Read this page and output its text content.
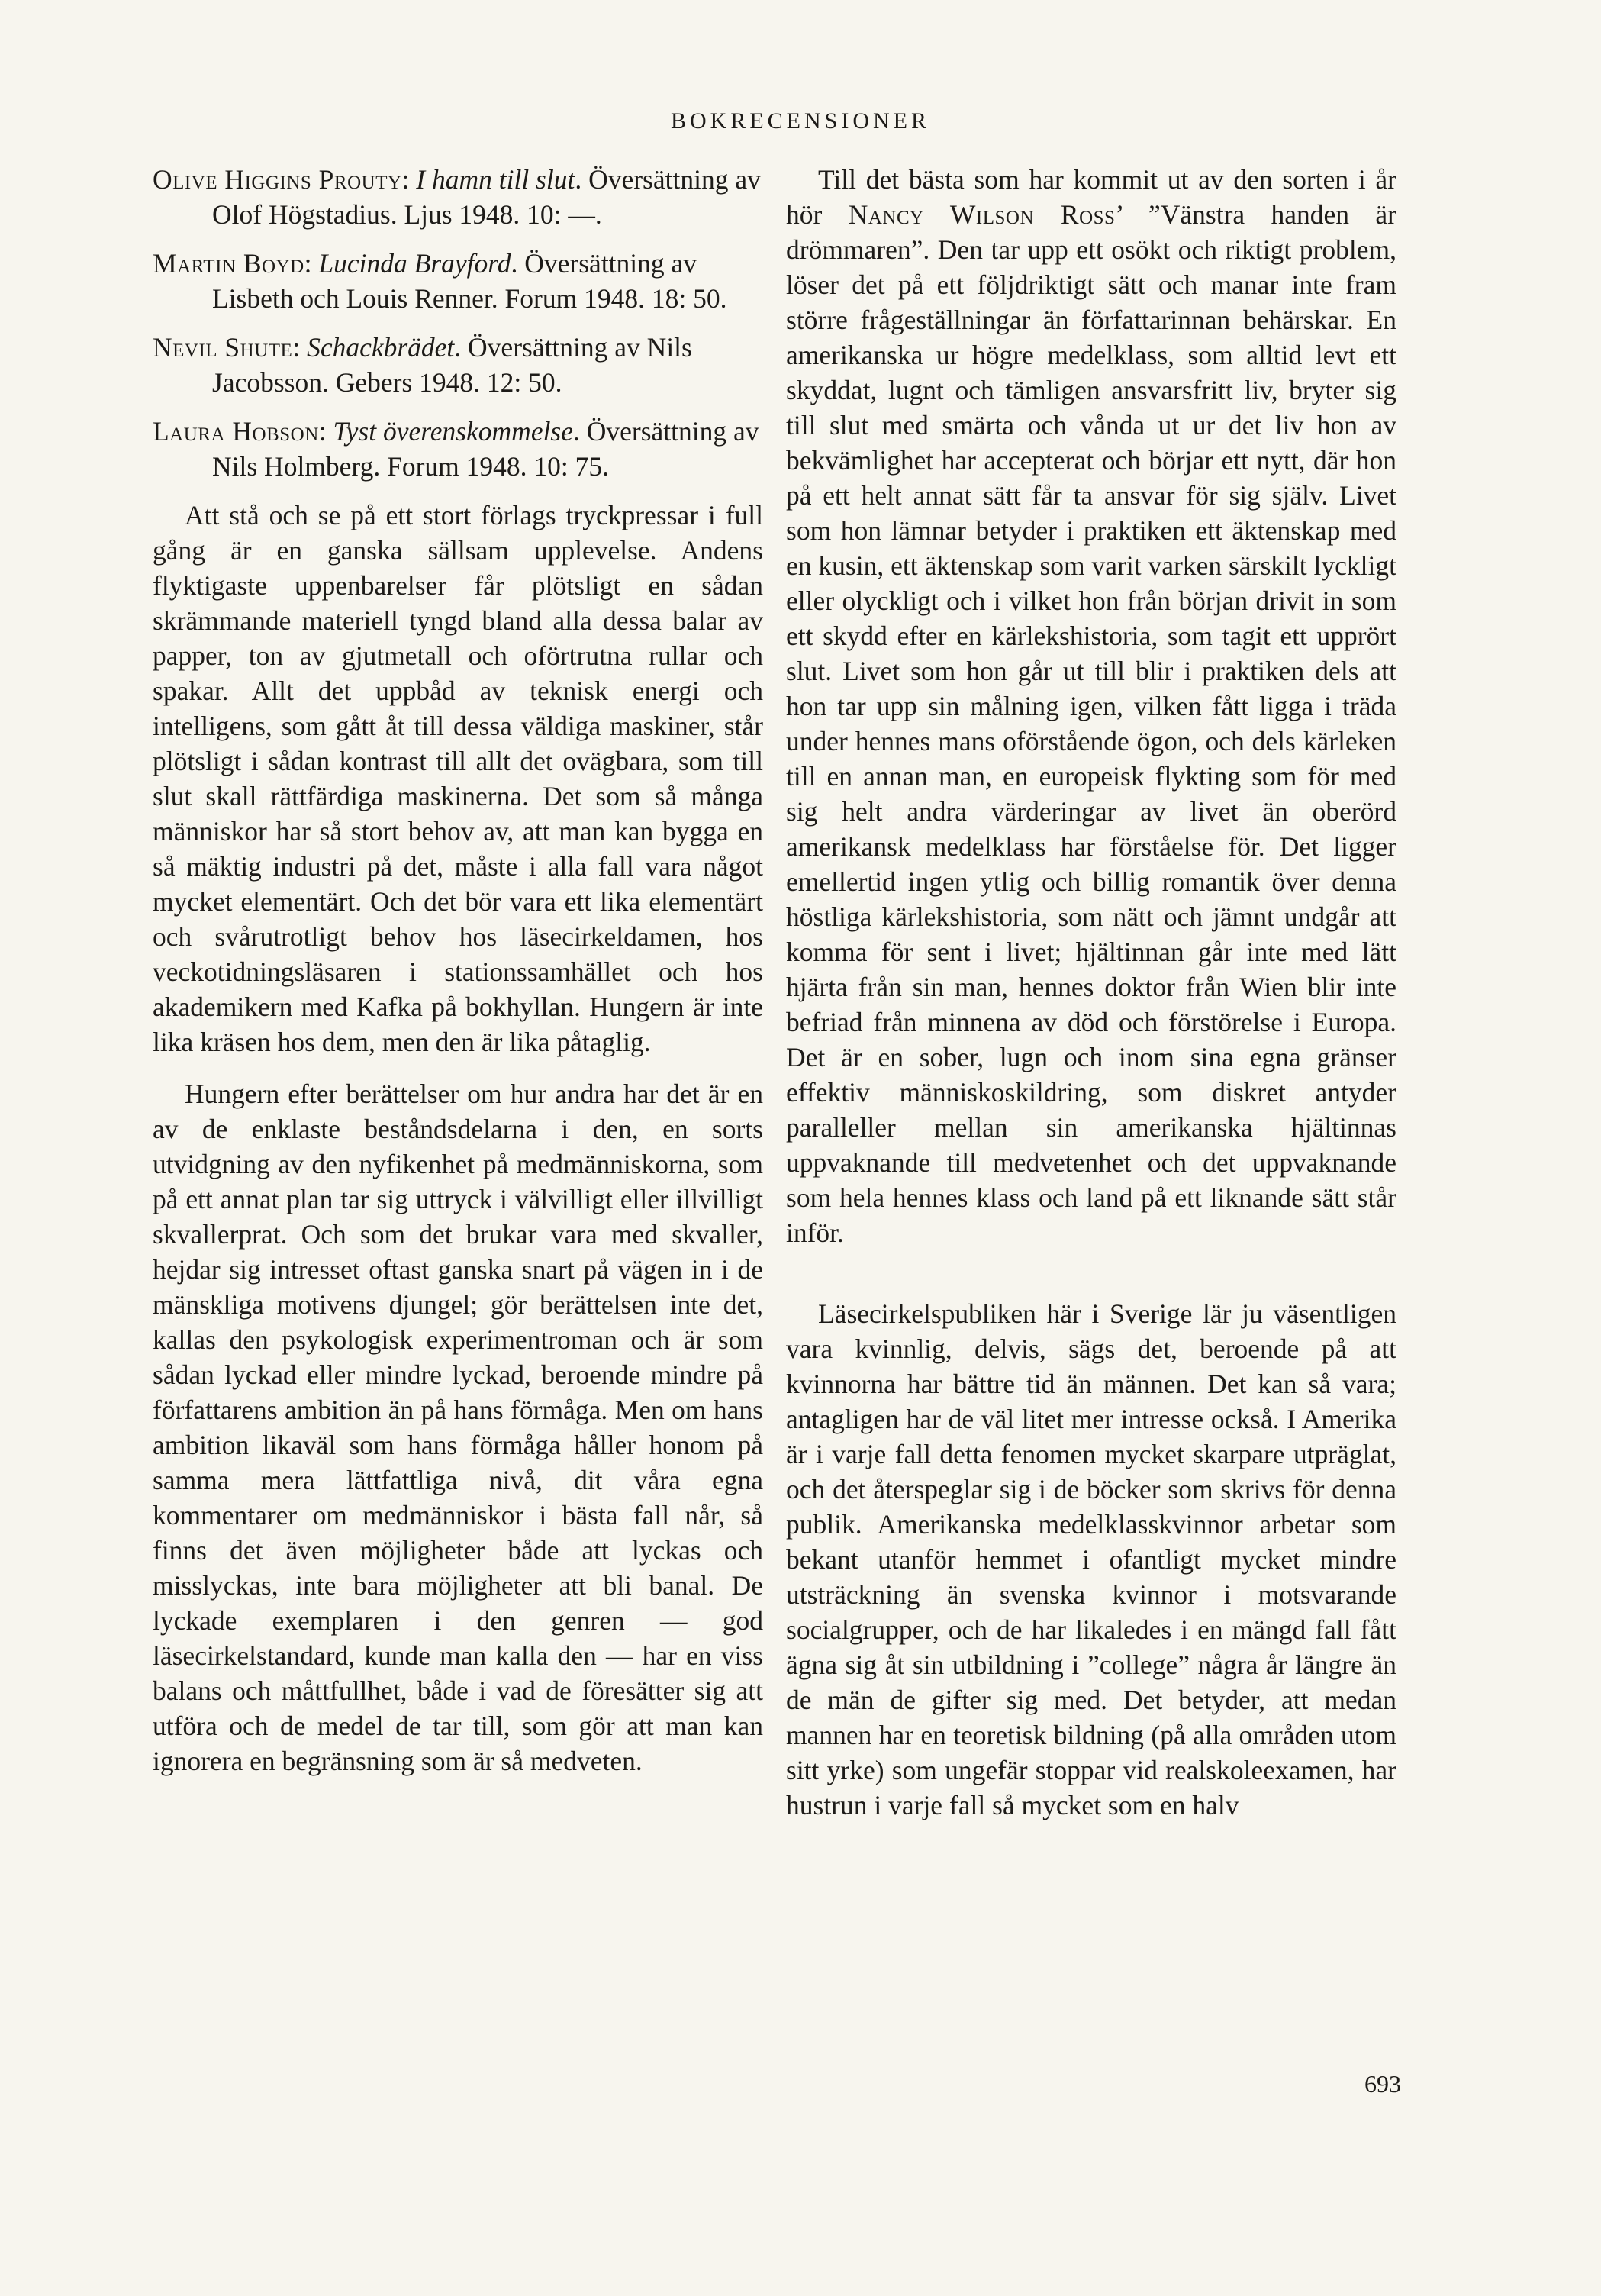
BOKRECENSIONER

Olive Higgins Prouty: I hamn till slut. Översättning av Olof Högstadius. Ljus 1948. 10: —.

Martin Boyd: Lucinda Brayford. Översättning av Lisbeth och Louis Renner. Forum 1948. 18: 50.

Nevil Shute: Schackbrädet. Översättning av Nils Jacobsson. Gebers 1948. 12: 50.

Laura Hobson: Tyst överenskommelse. Översättning av Nils Holmberg. Forum 1948. 10: 75.

Att stå och se på ett stort förlags tryckpressar i full gång är en ganska sällsam upplevelse. Andens flyktigaste uppenbarelser får plötsligt en sådan skrämmande materiell tyngd bland alla dessa balar av papper, ton av gjutmetall och oförtrutna rullar och spakar. Allt det uppbåd av teknisk energi och intelligens, som gått åt till dessa väldiga maskiner, står plötsligt i sådan kontrast till allt det ovägbara, som till slut skall rättfärdiga maskinerna. Det som så många människor har så stort behov av, att man kan bygga en så mäktig industri på det, måste i alla fall vara något mycket elementärt. Och det bör vara ett lika elementärt och svårutrotligt behov hos läsecirkeldamen, hos veckotidningsläsaren i stationssamhället och hos akademikern med Kafka på bokhyllan. Hungern är inte lika kräsen hos dem, men den är lika påtaglig.

Hungern efter berättelser om hur andra har det är en av de enklaste beståndsdelarna i den, en sorts utvidgning av den nyfikenhet på medmänniskorna, som på ett annat plan tar sig uttryck i välvilligt eller illvilligt skvallerprat. Och som det brukar vara med skvaller, hejdar sig intresset oftast ganska snart på vägen in i de mänskliga motivens djungel; gör berättelsen inte det, kallas den psykologisk experimentroman och är som sådan lyckad eller mindre lyckad, beroende mindre på författarens ambition än på hans förmåga. Men om hans ambition likaväl som hans förmåga håller honom på samma mera lättfattliga nivå, dit våra egna kommentarer om medmänniskor i bästa fall når, så finns det även möjligheter både att lyckas och misslyckas, inte bara möjligheter att bli banal. De lyckade exemplaren i den genren — god läsecirkelstandard, kunde man kalla den — har en viss balans och måttfullhet, både i vad de föresätter sig att utföra och de medel de tar till, som gör att man kan ignorera en begränsning som är så medveten.

Till det bästa som har kommit ut av den sorten i år hör Nancy Wilson Ross’ ”Vänstra handen är drömmaren”. Den tar upp ett osökt och riktigt problem, löser det på ett följdriktigt sätt och manar inte fram större frågeställningar än författarinnan behärskar. En amerikanska ur högre medelklass, som alltid levt ett skyddat, lugnt och tämligen ansvarsfritt liv, bryter sig till slut med smärta och vånda ut ur det liv hon av bekvämlighet har accepterat och börjar ett nytt, där hon på ett helt annat sätt får ta ansvar för sig själv. Livet som hon lämnar betyder i praktiken ett äktenskap med en kusin, ett äktenskap som varit varken särskilt lyckligt eller olyckligt och i vilket hon från början drivit in som ett skydd efter en kärlekshistoria, som tagit ett upprört slut. Livet som hon går ut till blir i praktiken dels att hon tar upp sin målning igen, vilken fått ligga i träda under hennes mans oförstående ögon, och dels kärleken till en annan man, en europeisk flykting som för med sig helt andra värderingar av livet än oberörd amerikansk medelklass har förståelse för. Det ligger emellertid ingen ytlig och billig romantik över denna höstliga kärlekshistoria, som nätt och jämnt undgår att komma för sent i livet; hjältinnan går inte med lätt hjärta från sin man, hennes doktor från Wien blir inte befriad från minnena av död och förstörelse i Europa. Det är en sober, lugn och inom sina egna gränser effektiv människoskildring, som diskret antyder paralleller mellan sin amerikanska hjältinnas uppvaknande till medvetenhet och det uppvaknande som hela hennes klass och land på ett liknande sätt står inför.

Läsecirkelspubliken här i Sverige lär ju väsentligen vara kvinnlig, delvis, sägs det, beroende på att kvinnorna har bättre tid än männen. Det kan så vara; antagligen har de väl litet mer intresse också. I Amerika är i varje fall detta fenomen mycket skarpare utpräglat, och det återspeglar sig i de böcker som skrivs för denna publik. Amerikanska medelklasskvinnor arbetar som bekant utanför hemmet i ofantligt mycket mindre utsträckning än svenska kvinnor i motsvarande socialgrupper, och de har likaledes i en mängd fall fått ägna sig åt sin utbildning i ”college” några år längre än de män de gifter sig med. Det betyder, att medan mannen har en teoretisk bildning (på alla områden utom sitt yrke) som ungefär stoppar vid realskoleexamen, har hustrun i varje fall så mycket som en halv

693
